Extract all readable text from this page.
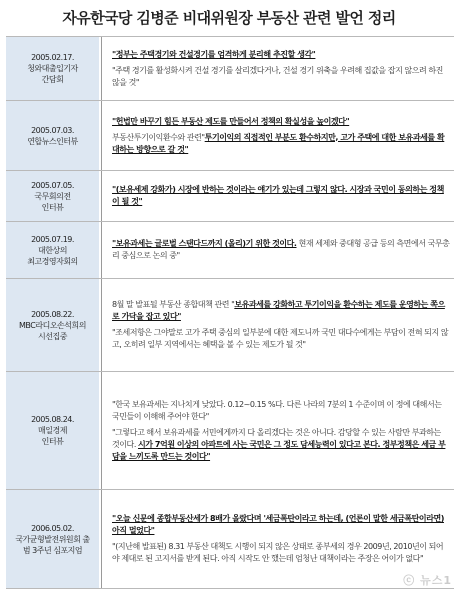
자유한국당 김병준 비대위원장 부동산 관련 발언 정리
2005.02.17.
청와대출입기자
간담회

"정부는 주택경기와 건설경기를 엄격하게 분리해 추진할 생각"

"주택 경기를 활성화시켜 건설 경기를 살리겠다거나, 건설 경기 위축을 우려해 집값을 잡지 않으려 하진 않을 것"

2005.07.03.
연합뉴스인터뷰

"헌법만 바꾸기 힘든 부동산 제도를 만들어서 정책의 확실성을 높이겠다"

부동산투기이익환수와 관련"투기이익의 직접적인 부분도 환수하지만, 고가 주택에 대한 보유과세를 확대하는 방향으로 갈 것"

2005.07.05.
국무회의전
인터뷰

"(보유세제 강화가) 시장에 반하는 것이라는 얘기가 있는데 그렇지 않다. 시장과 국민이 동의하는 정책이 될 것"

2005.07.19.
대한상의
최고경영자회의

"보유과세는 글로벌 스탠다드까지 (올리)기 위한 것이다. 현재 세제와 중대형 공급 등의 측면에서 국무총리 중심으로 논의 중"

2005.08.22.
MBC라디오손석희의
시선집중

8월 말 발표될 부동산 종합대책 관련 "보유과세를 강화하고 투기이익을 환수하는 제도를 운영하는 쪽으로 가닥을 잡고 있다"

"조세저항은 그야말로 고가 주택 중심의 일부분에 대한 제도니까 국민 대다수에게는 부담이 전혀 되지 않고, 오히려 일부 지역에서는 혜택을 볼 수 있는 제도가 될 것"

2005.08.24.
매일경제
인터뷰

"한국 보유과세는 지나치게 낮았다. 0.12~0.15 %다. 다른 나라의 7분의 1 수준이며 이 정에 대해서는 국민들이 이해해 주어야 한다"

"그렇다고 해서 보유과세를 서민에게까지 다 올리겠다는 것은 아니다. 감당할 수 있는 사람만 부과하는 것이다. 시가 7억원 이상의 아파트에 사는 국민은 그 정도 담세능력이 있다고 본다. 정부정책은 세금 부담을 느끼도록 만드는 것이다"

2006.05.02.
국가균형발전위원회 출
범 3주년 심포지엄

"오늘 신문에 종합부동산세가 8배가 올랐다며 '세금폭탄이라고 하는데, (언론이 말한 세금폭탄이라면) 아직 멀었다"

"(지난해 발표된) 8.31 부동산 대책도 시행이 되지 않은 상태로 종부세의 경우 2009년, 2010년이 되어야 제대로 된 고지서를 받게 된다. 아직 시작도 안 했는데 엄청난 대책이라는 주장은 어이가 없다"

ⓒ 뉴스1
